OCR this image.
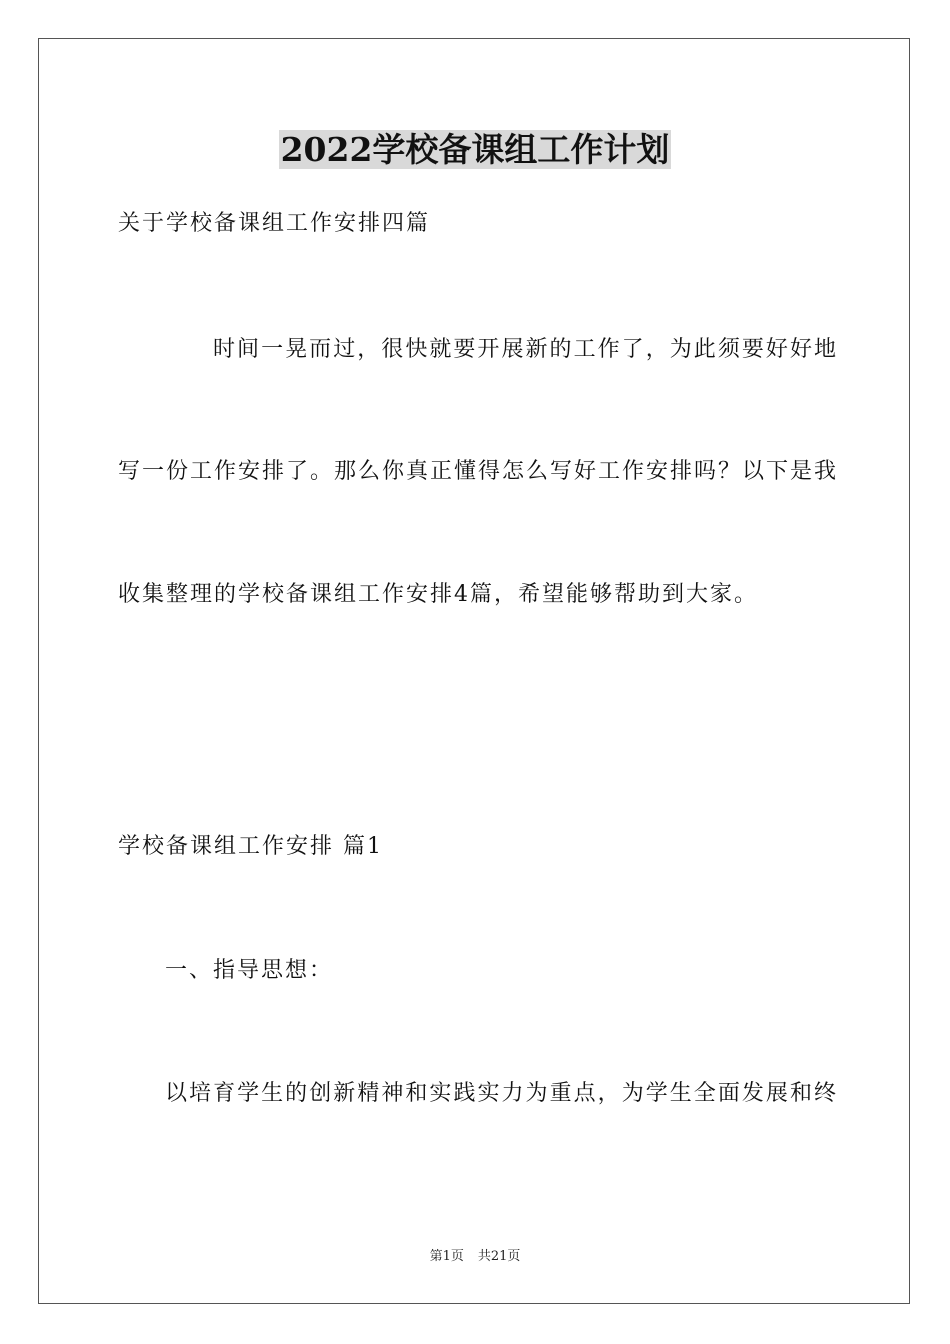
2022学校备课组工作计划
关于学校备课组工作安排四篇
时间一晃而过，很快就要开展新的工作了，为此须要好好地
写一份工作安排了。那么你真正懂得怎么写好工作安排吗？以下是我
收集整理的学校备课组工作安排4篇，希望能够帮助到大家。
学校备课组工作安排 篇1
一、指导思想：
以培育学生的创新精神和实践实力为重点，为学生全面发展和终
第1页 共21页
